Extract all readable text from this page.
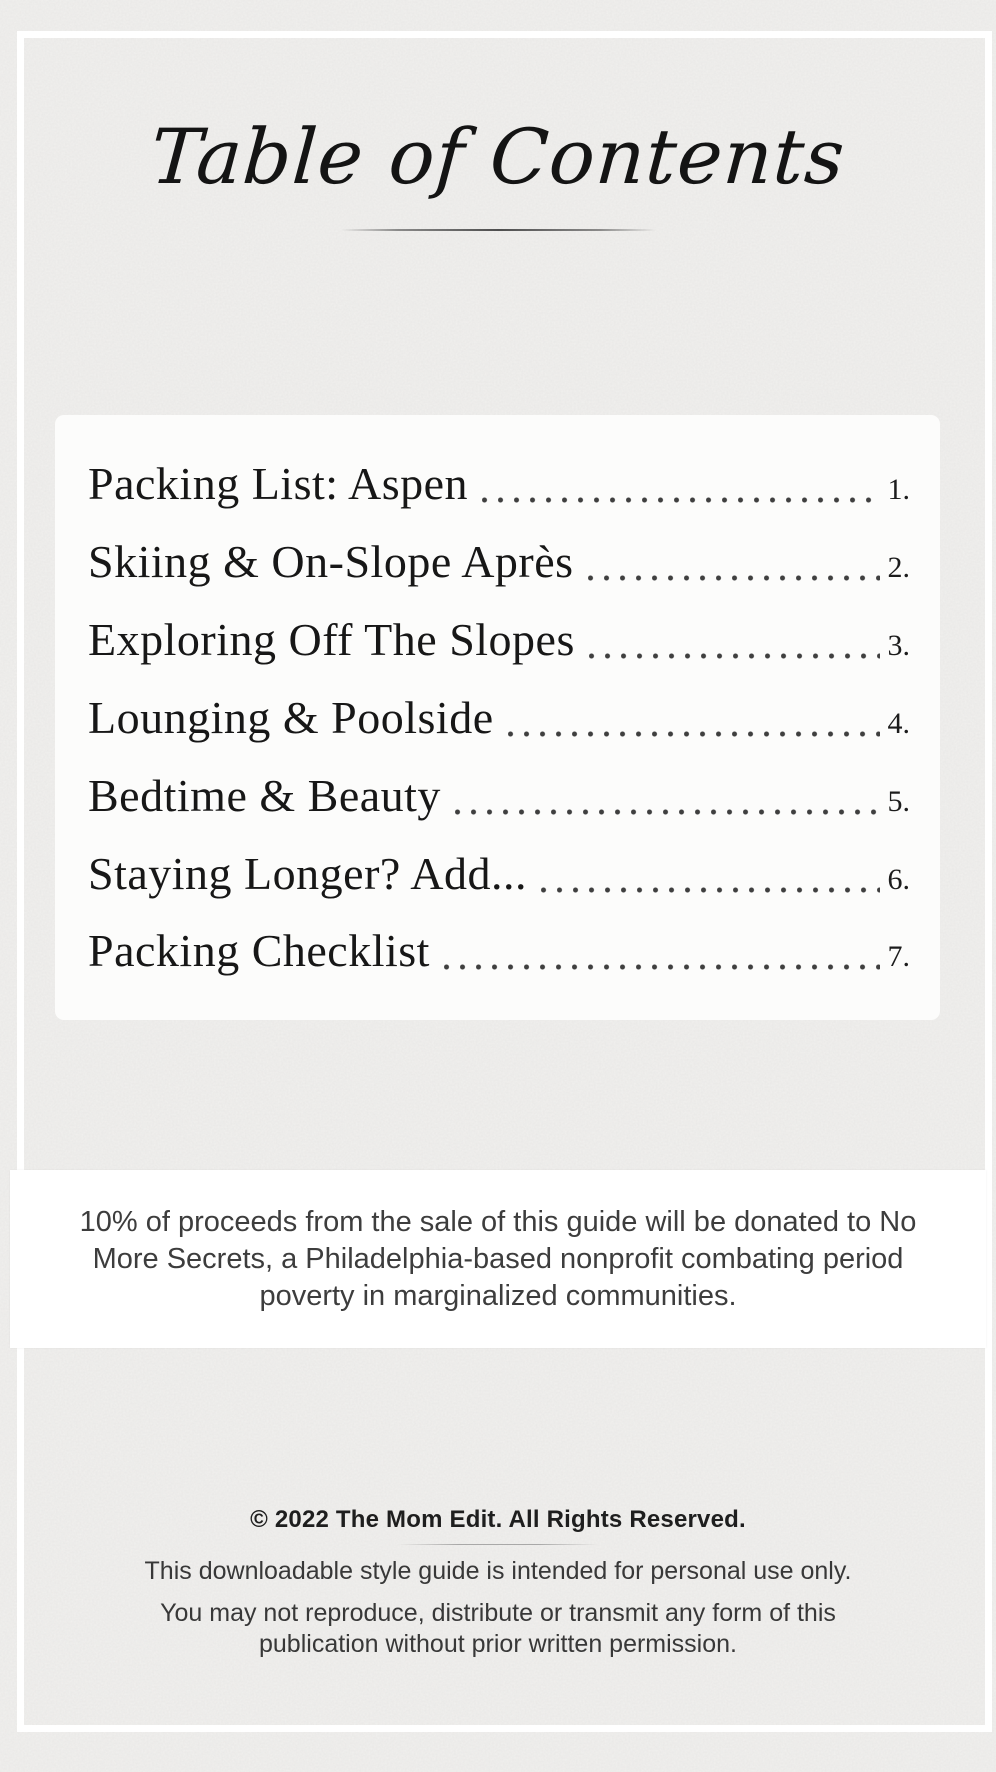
Table of Contents
Packing List: Aspen	1.
Skiing & On-Slope Après	2.
Exploring Off The Slopes	3.
Lounging & Poolside	4.
Bedtime & Beauty	5.
Staying Longer? Add...	6.
Packing Checklist	7.

10% of proceeds from the sale of this guide will be donated to No More Secrets, a Philadelphia-based nonprofit combating period poverty in marginalized communities.

© 2022 The Mom Edit. All Rights Reserved.

This downloadable style guide is intended for personal use only.

You may not reproduce, distribute or transmit any form of this publication without prior written permission.
